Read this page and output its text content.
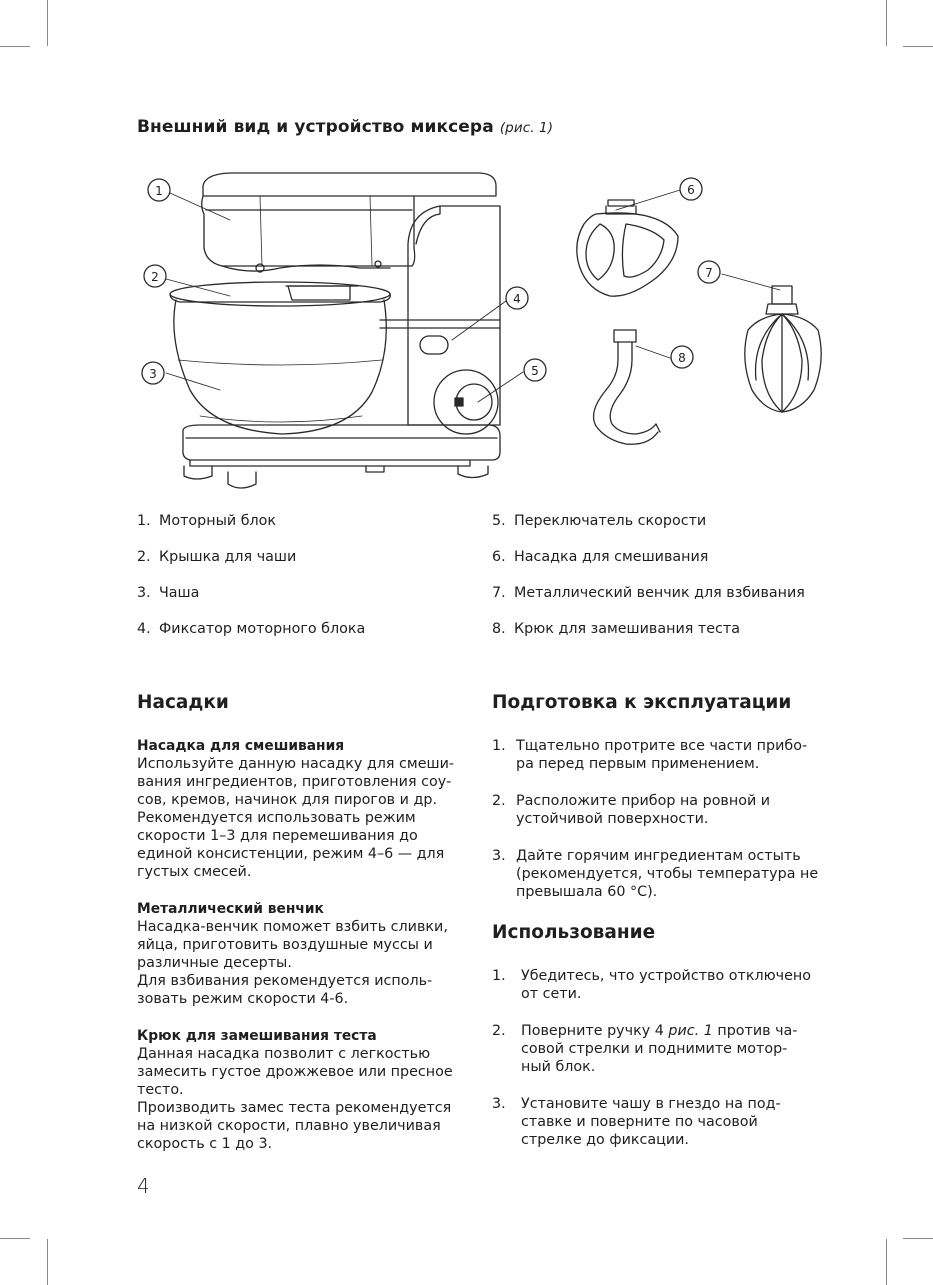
Внешний вид и устройство миксера (рис. 1)
1
2
3
4
5
6
7
8
1. Моторный блок
2. Крышка для чаши
3. Чаша
4. Фиксатор моторного блока
5. Переключатель скорости
6. Насадка для смешивания
7. Металлический венчик для взбивания
8. Крюк для замешивания теста
Насадки

Насадка для смешивания

Используйте данную насадку для смеши-

вания ингредиентов, приготовления соу-

сов, кремов, начинок для пирогов и др.

Рекомендуется использовать режим

скорости 1–3 для перемешивания до

единой консистенции, режим 4–6 — для

густых смесей.

Металлический венчик

Насадка-венчик поможет взбить сливки,

яйца, приготовить воздушные муссы и

различные десерты.

Для взбивания рекомендуется исполь-

зовать режим скорости 4-6.

Крюк для замешивания теста

Данная насадка позволит с легкостью

замесить густое дрожжевое или пресное

тесто.

Производить замес теста рекомендуется

на низкой скорости, плавно увеличивая

скорость с 1 до 3.

Подготовка к эксплуатации
1. Тщательно протрите все части прибо-
ра перед первым применением.
2. Расположите прибор на ровной и
устойчивой поверхности.
3. Дайте горячим ингредиентам остыть
(рекомендуется, чтобы температура не
превышала 60 °C).
Использование
1. Убедитесь, что устройство отключено
от сети.
2. Поверните ручку 4 рис. 1 против ча-
совой стрелки и поднимите мотор-
ный блок.
3. Установите чашу в гнездо на под-
ставке и поверните по часовой
стрелке до фиксации.

4
